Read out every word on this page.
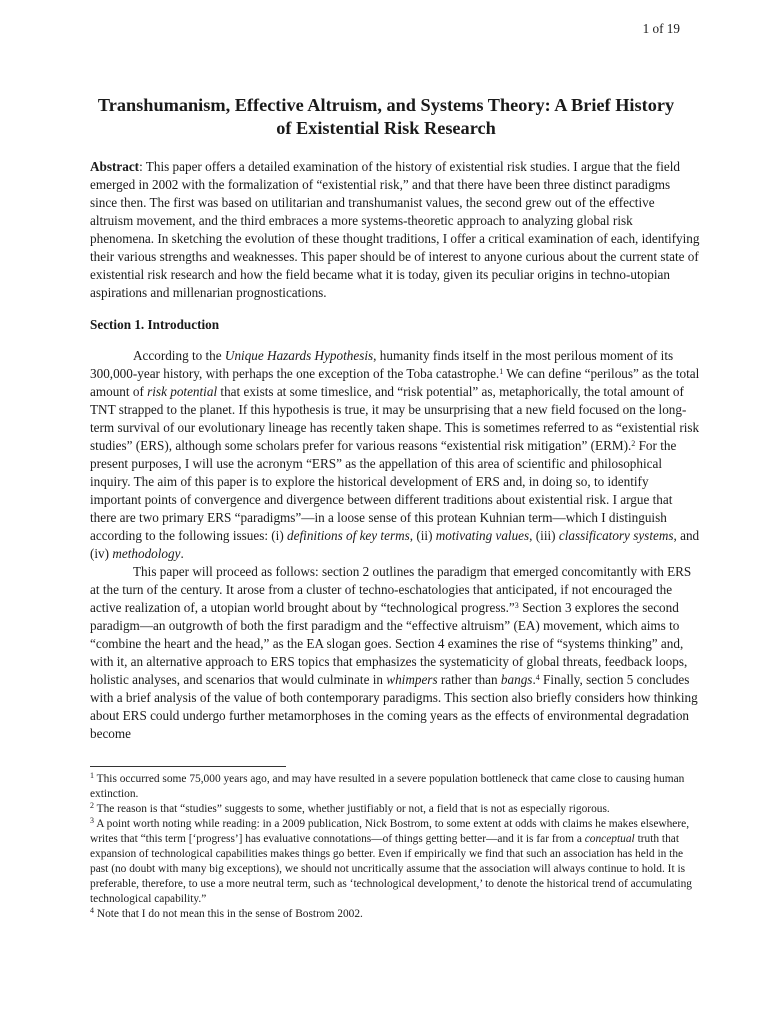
1 of 19
Transhumanism, Effective Altruism, and Systems Theory: A Brief History of Existential Risk Research

Abstract: This paper offers a detailed examination of the history of existential risk studies. I argue that the field emerged in 2002 with the formalization of “existential risk,” and that there have been three distinct paradigms since then. The first was based on utilitarian and transhumanist values, the second grew out of the effective altruism movement, and the third embraces a more systems-theoretic approach to analyzing global risk phenomena. In sketching the evolution of these thought traditions, I offer a critical examination of each, identifying their various strengths and weaknesses. This paper should be of interest to anyone curious about the current state of existential risk research and how the field became what it is today, given its peculiar origins in techno-utopian aspirations and millenarian prognostications.

Section 1. Introduction

According to the Unique Hazards Hypothesis, humanity finds itself in the most perilous moment of its 300,000-year history, with perhaps the one exception of the Toba catastrophe.$^1$ We can define “perilous” as the total amount of risk potential that exists at some timeslice, and “risk potential” as, metaphorically, the total amount of TNT strapped to the planet. If this hypothesis is true, it may be unsurprising that a new field focused on the long-term survival of our evolutionary lineage has recently taken shape. This is sometimes referred to as “existential risk studies” (ERS), although some scholars prefer for various reasons “existential risk mitigation” (ERM).$^2$ For the present purposes, I will use the acronym “ERS” as the appellation of this area of scientific and philosophical inquiry. The aim of this paper is to explore the historical development of ERS and, in doing so, to identify important points of convergence and divergence between different traditions about existential risk. I argue that there are two primary ERS “paradigms”—in a loose sense of this protean Kuhnian term—which I distinguish according to the following issues: (i) definitions of key terms, (ii) motivating values, (iii) classificatory systems, and (iv) methodology.

This paper will proceed as follows: section 2 outlines the paradigm that emerged concomitantly with ERS at the turn of the century. It arose from a cluster of techno-eschatologies that anticipated, if not encouraged the active realization of, a utopian world brought about by “technological progress.”$^3$ Section 3 explores the second paradigm—an outgrowth of both the first paradigm and the “effective altruism” (EA) movement, which aims to “combine the heart and the head,” as the EA slogan goes. Section 4 examines the rise of “systems thinking” and, with it, an alternative approach to ERS topics that emphasizes the systematicity of global threats, feedback loops, holistic analyses, and scenarios that would culminate in whimpers rather than bangs.$^4$ Finally, section 5 concludes with a brief analysis of the value of both contemporary paradigms. This section also briefly considers how thinking about ERS could undergo further metamorphoses in the coming years as the effects of environmental degradation become

$^1$ This occurred some 75,000 years ago, and may have resulted in a severe population bottleneck that came close to causing human extinction.

$^2$ The reason is that “studies” suggests to some, whether justifiably or not, a field that is not as especially rigorous.

$^3$ A point worth noting while reading: in a 2009 publication, Nick Bostrom, to some extent at odds with claims he makes elsewhere, writes that “this term [‘progress’] has evaluative connotations—of things getting better—and it is far from a conceptual truth that expansion of technological capabilities makes things go better. Even if empirically we find that such an association has held in the past (no doubt with many big exceptions), we should not uncritically assume that the association will always continue to hold. It is preferable, therefore, to use a more neutral term, such as ‘technological development,’ to denote the historical trend of accumulating technological capability.”

$^4$ Note that I do not mean this in the sense of Bostrom 2002.
